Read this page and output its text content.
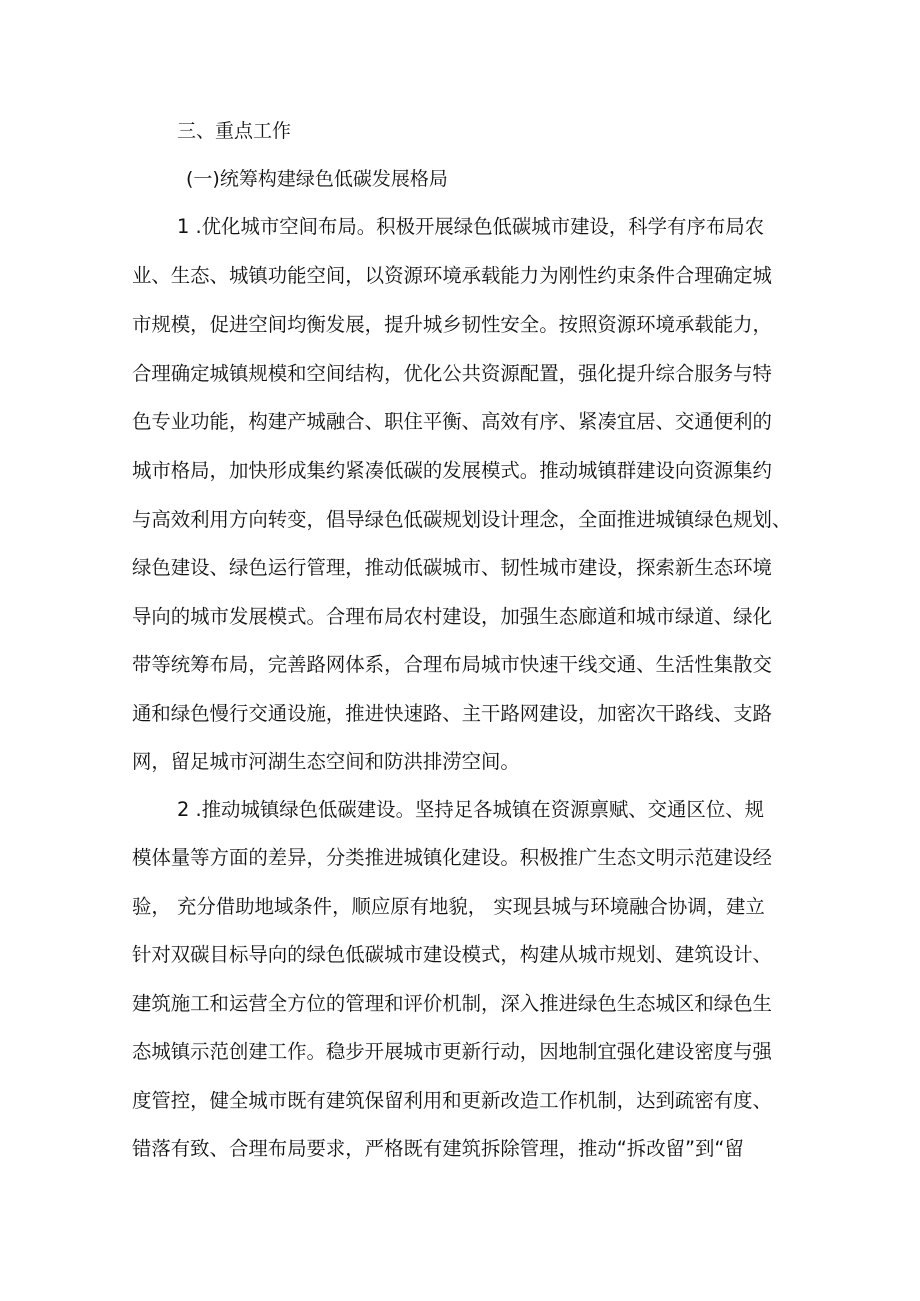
三、重点工作
(一)统筹构建绿色低碳发展格局
1 .优化城市空间布局。积极开展绿色低碳城市建设，科学有序布局农
业、生态、城镇功能空间，以资源环境承载能力为刚性约束条件合理确定城
市规模，促进空间均衡发展，提升城乡韧性安全。按照资源环境承载能力，
合理确定城镇规模和空间结构，优化公共资源配置，强化提升综合服务与特
色专业功能，构建产城融合、职住平衡、高效有序、紧凑宜居、交通便利的
城市格局，加快形成集约紧凑低碳的发展模式。推动城镇群建设向资源集约
与高效利用方向转变，倡导绿色低碳规划设计理念，全面推进城镇绿色规划、
绿色建设、绿色运行管理，推动低碳城市、韧性城市建设，探索新生态环境
导向的城市发展模式。合理布局农村建设，加强生态廊道和城市绿道、绿化
带等统筹布局，完善路网体系，合理布局城市快速干线交通、生活性集散交
通和绿色慢行交通设施，推进快速路、主干路网建设，加密次干路线、支路
网，留足城市河湖生态空间和防洪排涝空间。
2 .推动城镇绿色低碳建设。坚持足各城镇在资源禀赋、交通区位、规
模体量等方面的差异，分类推进城镇化建设。积极推广生态文明示范建设经
验， 充分借助地域条件，顺应原有地貌， 实现县城与环境融合协调，建立
针对双碳目标导向的绿色低碳城市建设模式，构建从城市规划、建筑设计、
建筑施工和运营全方位的管理和评价机制，深入推进绿色生态城区和绿色生
态城镇示范创建工作。稳步开展城市更新行动，因地制宜强化建设密度与强
度管控，健全城市既有建筑保留利用和更新改造工作机制，达到疏密有度、
错落有致、合理布局要求，严格既有建筑拆除管理，推动“拆改留”到“留
